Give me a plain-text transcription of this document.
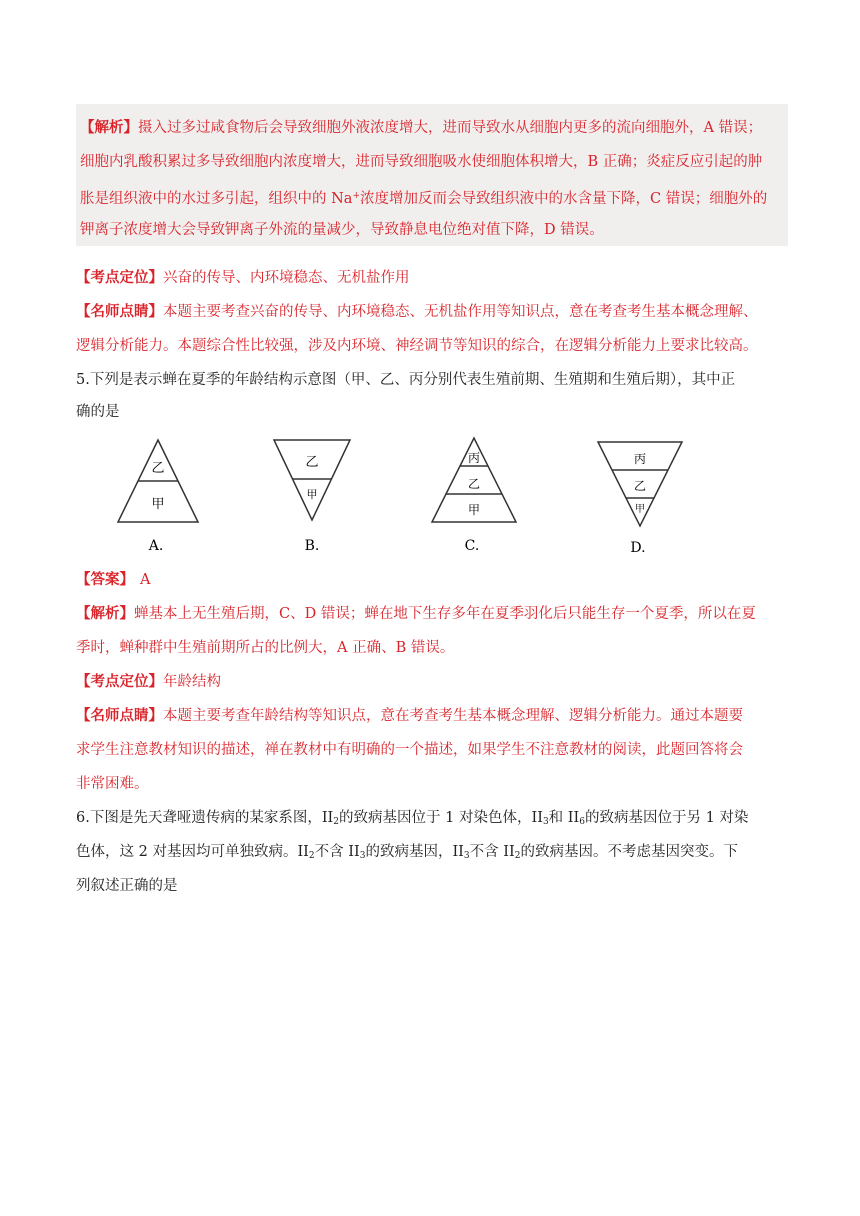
【解析】摄入过多过咸食物后会导致细胞外液浓度增大，进而导致水从细胞内更多的流向细胞外，A 错误；
细胞内乳酸积累过多导致细胞内浓度增大，进而导致细胞吸水使细胞体积增大，B 正确；炎症反应引起的肿
胀是组织液中的水过多引起，组织中的 Na+浓度增加反而会导致组织液中的水含量下降，C 错误；细胞外的
钾离子浓度增大会导致钾离子外流的量减少，导致静息电位绝对值下降，D 错误。
【考点定位】兴奋的传导、内环境稳态、无机盐作用
【名师点睛】本题主要考查兴奋的传导、内环境稳态、无机盐作用等知识点，意在考查考生基本概念理解、
逻辑分析能力。本题综合性比较强，涉及内环境、神经调节等知识的综合，在逻辑分析能力上要求比较高。
5.下列是表示蝉在夏季的年龄结构示意图（甲、乙、丙分别代表生殖前期、生殖期和生殖后期），其中正
确的是
乙
甲
A.
乙
甲
B.
丙
乙
甲
C.
丙
乙
甲
D.
【答案】 A
【解析】蝉基本上无生殖后期，C、D 错误；蝉在地下生存多年在夏季羽化后只能生存一个夏季，所以在夏
季时，蝉种群中生殖前期所占的比例大，A 正确、B 错误。
【考点定位】年龄结构
【名师点睛】本题主要考查年龄结构等知识点，意在考查考生基本概念理解、逻辑分析能力。通过本题要
求学生注意教材知识的描述，禅在教材中有明确的一个描述，如果学生不注意教材的阅读，此题回答将会
非常困难。
6.下图是先天聋哑遗传病的某家系图，$II_2$的致病基因位于 1 对染色体，$II_3$和 $II_6$的致病基因位于另 1 对染
色体，这 2 对基因均可单独致病。$II_2$不含 $II_3$的致病基因，$II_3$不含 $II_2$的致病基因。不考虑基因突变。下
列叙述正确的是
